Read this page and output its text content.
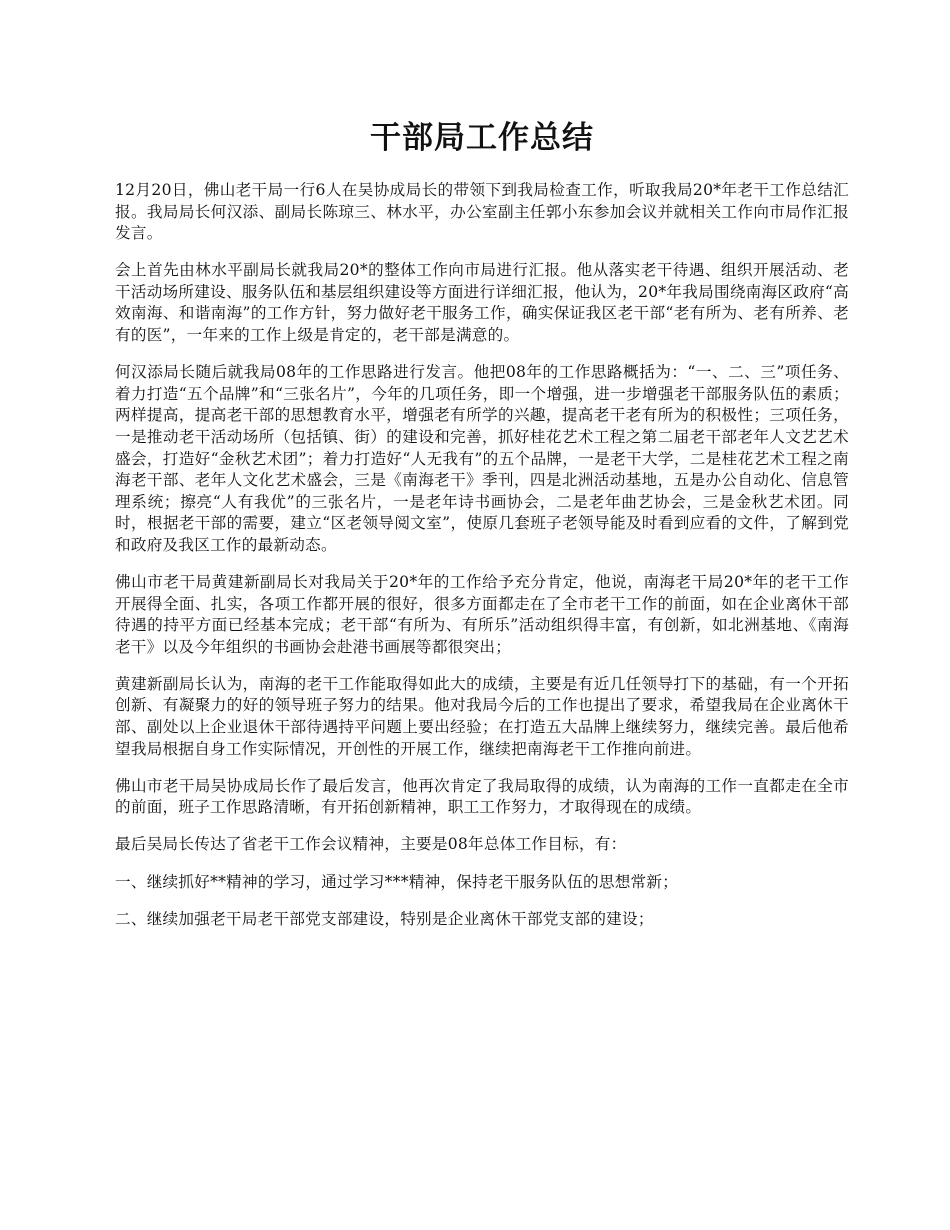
干部局工作总结

12月20日，佛山老干局一行6人在吴协成局长的带领下到我局检查工作，听取我局20*年老干工作总结汇报。我局局长何汉添、副局长陈琼三、林水平，办公室副主任郭小东参加会议并就相关工作向市局作汇报发言。

会上首先由林水平副局长就我局20*的整体工作向市局进行汇报。他从落实老干待遇、组织开展活动、老干活动场所建设、服务队伍和基层组织建设等方面进行详细汇报，他认为，20*年我局围绕南海区政府“高效南海、和谐南海”的工作方针，努力做好老干服务工作，确实保证我区老干部“老有所为、老有所养、老有的医”，一年来的工作上级是肯定的，老干部是满意的。

何汉添局长随后就我局08年的工作思路进行发言。他把08年的工作思路概括为：“一、二、三”项任务、着力打造“五个品牌”和“三张名片”，今年的几项任务，即一个增强，进一步增强老干部服务队伍的素质；两样提高，提高老干部的思想教育水平，增强老有所学的兴趣，提高老干老有所为的积极性；三项任务，一是推动老干活动场所（包括镇、街）的建设和完善，抓好桂花艺术工程之第二届老干部老年人文艺艺术盛会，打造好“金秋艺术团”；着力打造好“人无我有”的五个品牌，一是老干大学，二是桂花艺术工程之南海老干部、老年人文化艺术盛会，三是《南海老干》季刊，四是北洲活动基地，五是办公自动化、信息管理系统；擦亮“人有我优”的三张名片，一是老年诗书画协会，二是老年曲艺协会，三是金秋艺术团。同时，根据老干部的需要，建立“区老领导阅文室”，使原几套班子老领导能及时看到应看的文件，了解到党和政府及我区工作的最新动态。

佛山市老干局黄建新副局长对我局关于20*年的工作给予充分肯定，他说，南海老干局20*年的老干工作开展得全面、扎实，各项工作都开展的很好，很多方面都走在了全市老干工作的前面，如在企业离休干部待遇的持平方面已经基本完成；老干部“有所为、有所乐”活动组织得丰富，有创新，如北洲基地、《南海老干》以及今年组织的书画协会赴港书画展等都很突出；

黄建新副局长认为，南海的老干工作能取得如此大的成绩，主要是有近几任领导打下的基础，有一个开拓创新、有凝聚力的好的领导班子努力的结果。他对我局今后的工作也提出了要求，希望我局在企业离休干部、副处以上企业退休干部待遇持平问题上要出经验；在打造五大品牌上继续努力，继续完善。最后他希望我局根据自身工作实际情况，开创性的开展工作，继续把南海老干工作推向前进。

佛山市老干局吴协成局长作了最后发言，他再次肯定了我局取得的成绩，认为南海的工作一直都走在全市的前面，班子工作思路清晰，有开拓创新精神，职工工作努力，才取得现在的成绩。

最后吴局长传达了省老干工作会议精神，主要是08年总体工作目标，有：

一、继续抓好**精神的学习，通过学习***精神，保持老干服务队伍的思想常新；

二、继续加强老干局老干部党支部建设，特别是企业离休干部党支部的建设；
